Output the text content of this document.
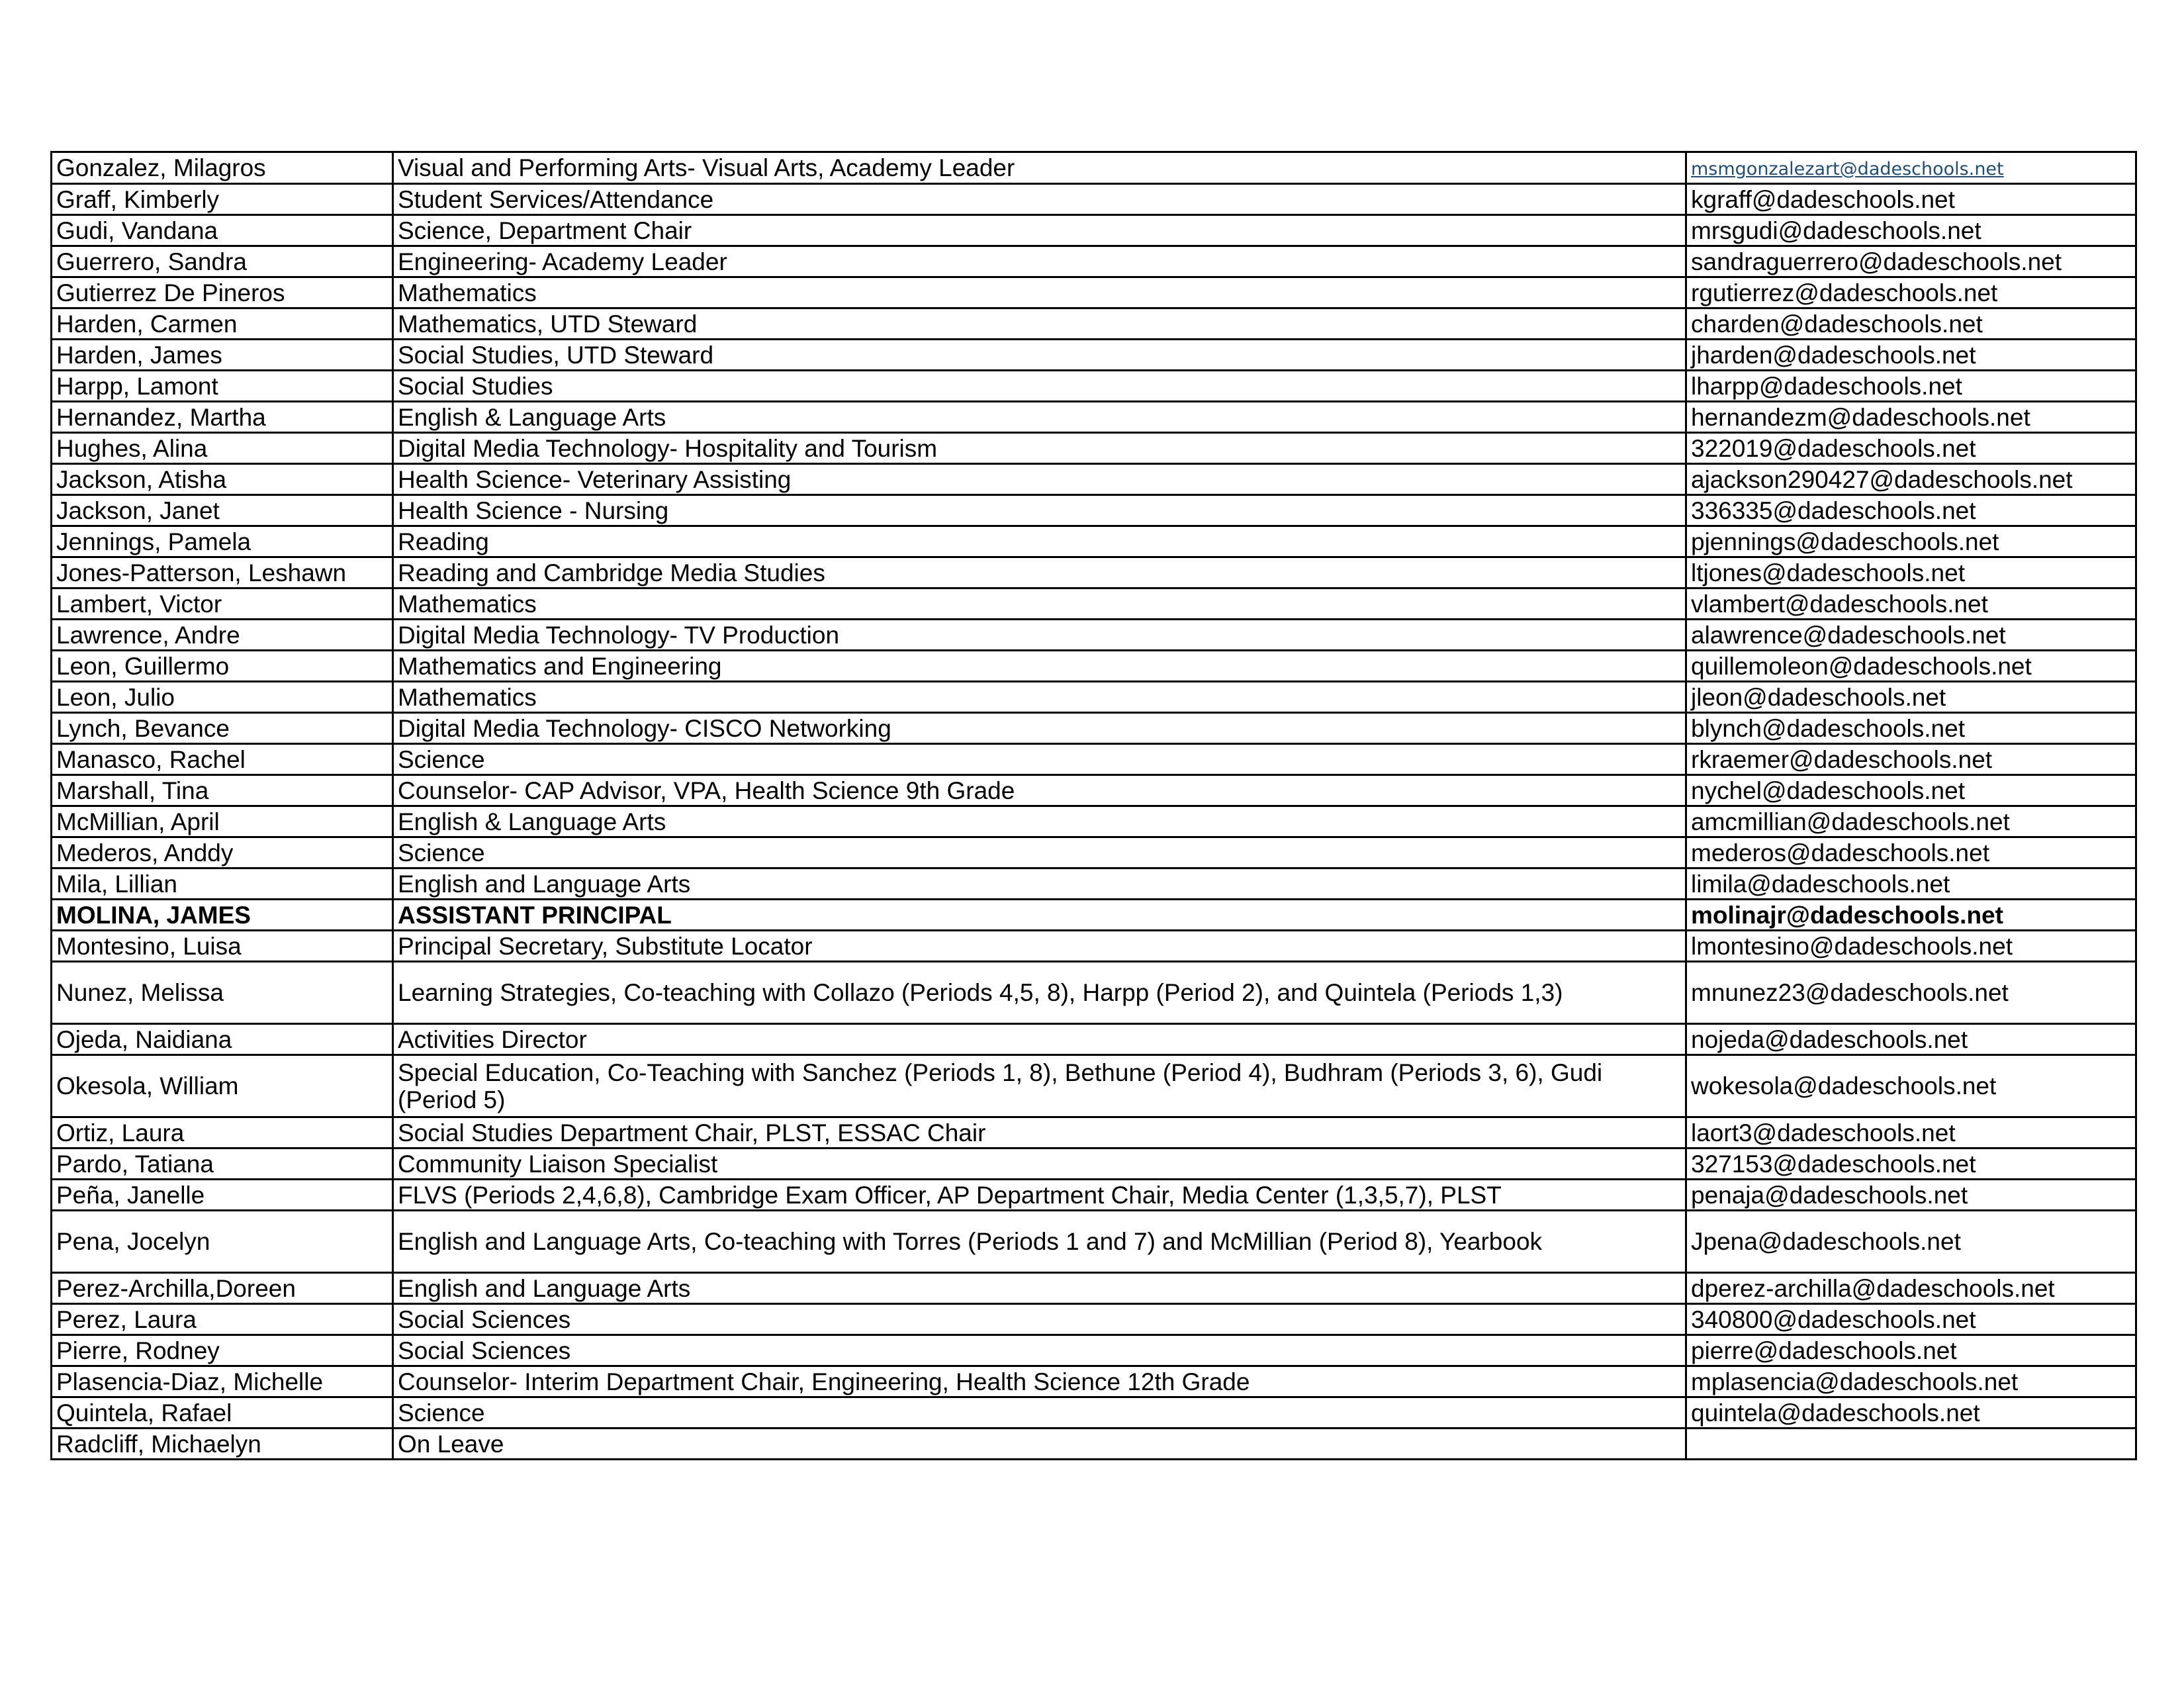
Gonzalez, Milagros	Visual and Performing Arts- Visual Arts, Academy Leader	msmgonzalezart@dadeschools.net
Graff, Kimberly	Student Services/Attendance	kgraff@dadeschools.net
Gudi, Vandana	Science, Department Chair	mrsgudi@dadeschools.net
Guerrero, Sandra	Engineering- Academy Leader	sandraguerrero@dadeschools.net
Gutierrez De Pineros	Mathematics	rgutierrez@dadeschools.net
Harden, Carmen	Mathematics, UTD Steward	charden@dadeschools.net
Harden, James	Social Studies, UTD Steward	jharden@dadeschools.net
Harpp, Lamont	Social Studies	lharpp@dadeschools.net
Hernandez, Martha	English & Language Arts	hernandezm@dadeschools.net
Hughes, Alina	Digital Media Technology- Hospitality and Tourism	322019@dadeschools.net
Jackson, Atisha	Health Science- Veterinary Assisting	ajackson290427@dadeschools.net
Jackson, Janet	Health Science - Nursing	336335@dadeschools.net
Jennings, Pamela	Reading	pjennings@dadeschools.net
Jones-Patterson, Leshawn	Reading and Cambridge Media Studies	ltjones@dadeschools.net
Lambert, Victor	Mathematics	vlambert@dadeschools.net
Lawrence, Andre	Digital Media Technology- TV Production	alawrence@dadeschools.net
Leon, Guillermo	Mathematics and Engineering	quillemoleon@dadeschools.net
Leon, Julio	Mathematics	jleon@dadeschools.net
Lynch, Bevance	Digital Media Technology- CISCO Networking	blynch@dadeschools.net
Manasco, Rachel	Science	rkraemer@dadeschools.net
Marshall, Tina	Counselor- CAP Advisor, VPA, Health Science 9th Grade	nychel@dadeschools.net
McMillian, April	English & Language Arts	amcmillian@dadeschools.net
Mederos, Anddy	Science	mederos@dadeschools.net
Mila, Lillian	English and Language Arts	limila@dadeschools.net
MOLINA, JAMES	ASSISTANT PRINCIPAL	molinajr@dadeschools.net
Montesino, Luisa	Principal Secretary, Substitute Locator	lmontesino@dadeschools.net
Nunez, Melissa	Learning Strategies, Co-teaching with Collazo (Periods 4,5, 8), Harpp (Period 2), and Quintela (Periods 1,3)	mnunez23@dadeschools.net
Ojeda, Naidiana	Activities Director	nojeda@dadeschools.net
Okesola, William	Special Education, Co-Teaching with Sanchez (Periods 1, 8), Bethune (Period 4), Budhram (Periods 3, 6), Gudi (Period 5)	wokesola@dadeschools.net
Ortiz, Laura	Social Studies Department Chair, PLST, ESSAC Chair	laort3@dadeschools.net
Pardo, Tatiana	Community Liaison Specialist	327153@dadeschools.net
Peña, Janelle	FLVS (Periods 2,4,6,8), Cambridge Exam Officer, AP Department Chair, Media Center (1,3,5,7), PLST	penaja@dadeschools.net
Pena, Jocelyn	English and Language Arts, Co-teaching with Torres (Periods 1 and 7) and McMillian (Period 8), Yearbook	Jpena@dadeschools.net
Perez-Archilla,Doreen	English and Language Arts	dperez-archilla@dadeschools.net
Perez, Laura	Social Sciences	340800@dadeschools.net
Pierre, Rodney	Social Sciences	pierre@dadeschools.net
Plasencia-Diaz, Michelle	Counselor- Interim Department Chair, Engineering, Health Science 12th Grade	mplasencia@dadeschools.net
Quintela, Rafael	Science	quintela@dadeschools.net
Radcliff, Michaelyn	On Leave	
